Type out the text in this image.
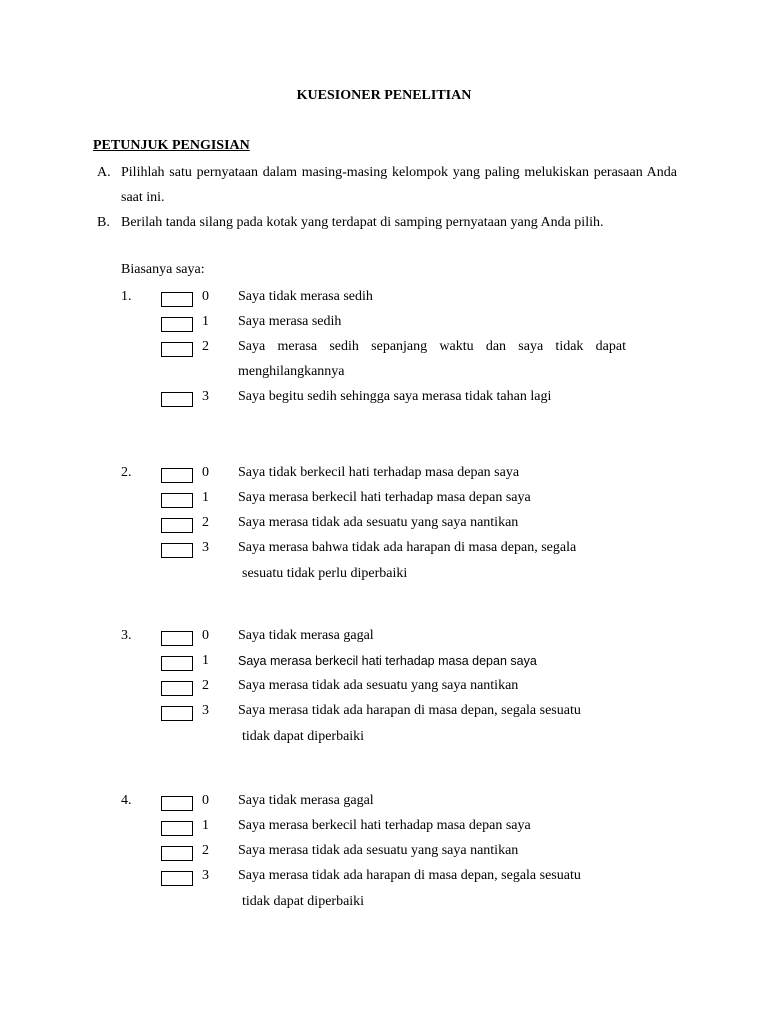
KUESIONER PENELITIAN
PETUNJUK PENGISIAN
A. Pilihlah satu pernyataan dalam masing-masing kelompok yang paling melukiskan perasaan Anda saat ini.
B. Berilah tanda silang pada kotak yang terdapat di samping pernyataan yang Anda pilih.
Biasanya saya:
1.	0 Saya tidak merasa sedih
1 Saya merasa sedih
2 Saya merasa sedih sepanjang waktu dan saya tidak dapat
menghilangkannya
3 Saya begitu sedih sehingga saya merasa tidak tahan lagi
2.	0 Saya tidak berkecil hati terhadap masa depan saya
1 Saya merasa berkecil hati terhadap masa depan saya
2 Saya merasa tidak ada sesuatu yang saya nantikan
3 Saya merasa bahwa tidak ada harapan di masa depan, segala
sesuatu tidak perlu diperbaiki
3.	0 Saya tidak merasa gagal
1 Saya merasa berkecil hati terhadap masa depan saya
2 Saya merasa tidak ada sesuatu yang saya nantikan
3 Saya merasa tidak ada harapan di masa depan, segala sesuatu
tidak dapat diperbaiki
4.	0 Saya tidak merasa gagal
1 Saya merasa berkecil hati terhadap masa depan saya
2 Saya merasa tidak ada sesuatu yang saya nantikan
3 Saya merasa tidak ada harapan di masa depan, segala sesuatu
tidak dapat diperbaiki
